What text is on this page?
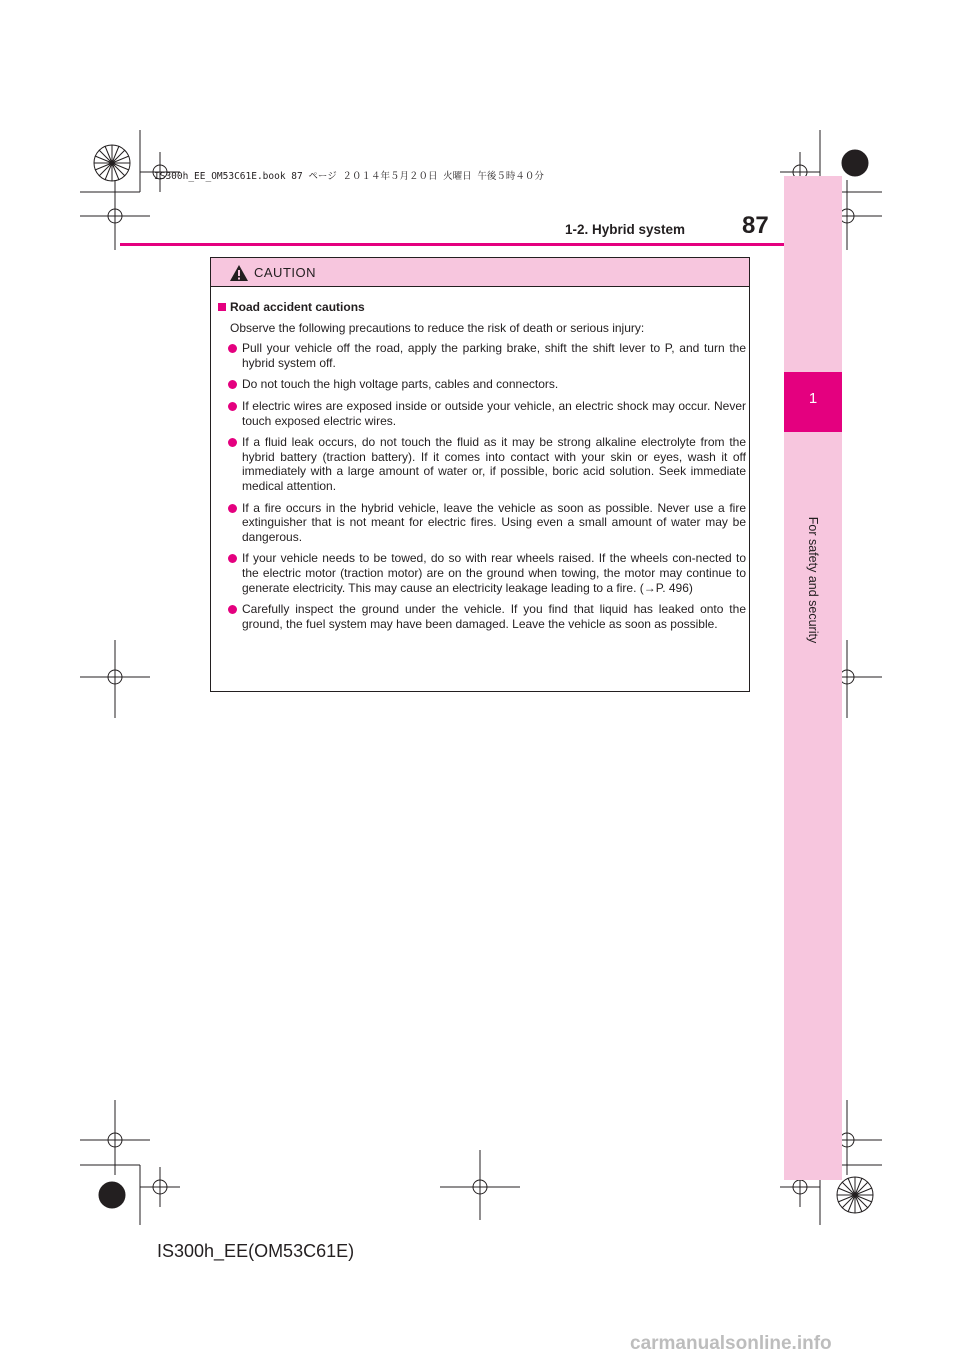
IS300h_EE_OM53C61E.book 87 ページ ２０１４年５月２０日 火曜日 午後５時４０分
1
For safety and security
1-2. Hybrid system 87
CAUTION
Road accident cautions
Observe the following precautions to reduce the risk of death or serious injury:
Pull your vehicle off the road, apply the parking brake, shift the shift lever to P, and turn the hybrid system off.
Do not touch the high voltage parts, cables and connectors.
If electric wires are exposed inside or outside your vehicle, an electric shock may occur. Never touch exposed electric wires.
If a fluid leak occurs, do not touch the fluid as it may be strong alkaline electrolyte from the hybrid battery (traction battery). If it comes into contact with your skin or eyes, wash it off immediately with a large amount of water or, if possible, boric acid solution. Seek immediate medical attention.
If a fire occurs in the hybrid vehicle, leave the vehicle as soon as possible. Never use a fire extinguisher that is not meant for electric fires. Using even a small amount of water may be dangerous.
If your vehicle needs to be towed, do so with rear wheels raised. If the wheels con-nected to the electric motor (traction motor) are on the ground when towing, the motor may continue to generate electricity. This may cause an electricity leakage leading to a fire. (→P. 496)
Carefully inspect the ground under the vehicle. If you find that liquid has leaked onto the ground, the fuel system may have been damaged. Leave the vehicle as soon as possible.
IS300h_EE(OM53C61E)
carmanualsonline.info
